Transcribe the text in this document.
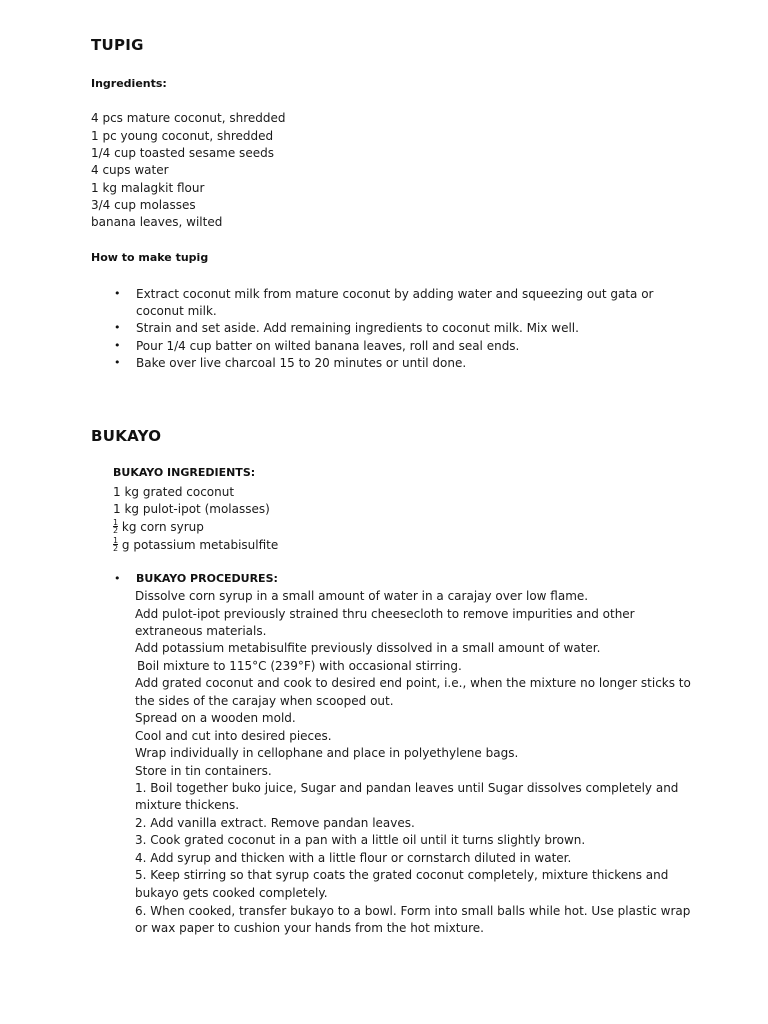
TUPIG
Ingredients:
4 pcs mature coconut, shredded
1 pc young coconut, shredded
1/4 cup toasted sesame seeds
4 cups water
1 kg malagkit flour
3/4 cup molasses
banana leaves, wilted
How to make tupig
• Extract coconut milk from mature coconut by adding water and squeezing out gata or
coconut milk.
• Strain and set aside. Add remaining ingredients to coconut milk. Mix well.
• Pour 1/4 cup batter on wilted banana leaves, roll and seal ends.
• Bake over live charcoal 15 to 20 minutes or until done.
BUKAYO
BUKAYO INGREDIENTS:
1 kg grated coconut
1 kg pulot-ipot (molasses)
$\frac{1}{2}$ kg corn syrup
$\frac{1}{2}$ g potassium metabisulfite
• BUKAYO PROCEDURES:
Dissolve corn syrup in a small amount of water in a carajay over low flame.
Add pulot-ipot previously strained thru cheesecloth to remove impurities and other
extraneous materials.
Add potassium metabisulfite previously dissolved in a small amount of water.
Boil mixture to 115°C (239°F) with occasional stirring.
Add grated coconut and cook to desired end point, i.e., when the mixture no longer sticks to
the sides of the carajay when scooped out.
Spread on a wooden mold.
Cool and cut into desired pieces.
Wrap individually in cellophane and place in polyethylene bags.
Store in tin containers.
1. Boil together buko juice, Sugar and pandan leaves until Sugar dissolves completely and
mixture thickens.
2. Add vanilla extract. Remove pandan leaves.
3. Cook grated coconut in a pan with a little oil until it turns slightly brown.
4. Add syrup and thicken with a little flour or cornstarch diluted in water.
5. Keep stirring so that syrup coats the grated coconut completely, mixture thickens and
bukayo gets cooked completely.
6. When cooked, transfer bukayo to a bowl. Form into small balls while hot. Use plastic wrap
or wax paper to cushion your hands from the hot mixture.
